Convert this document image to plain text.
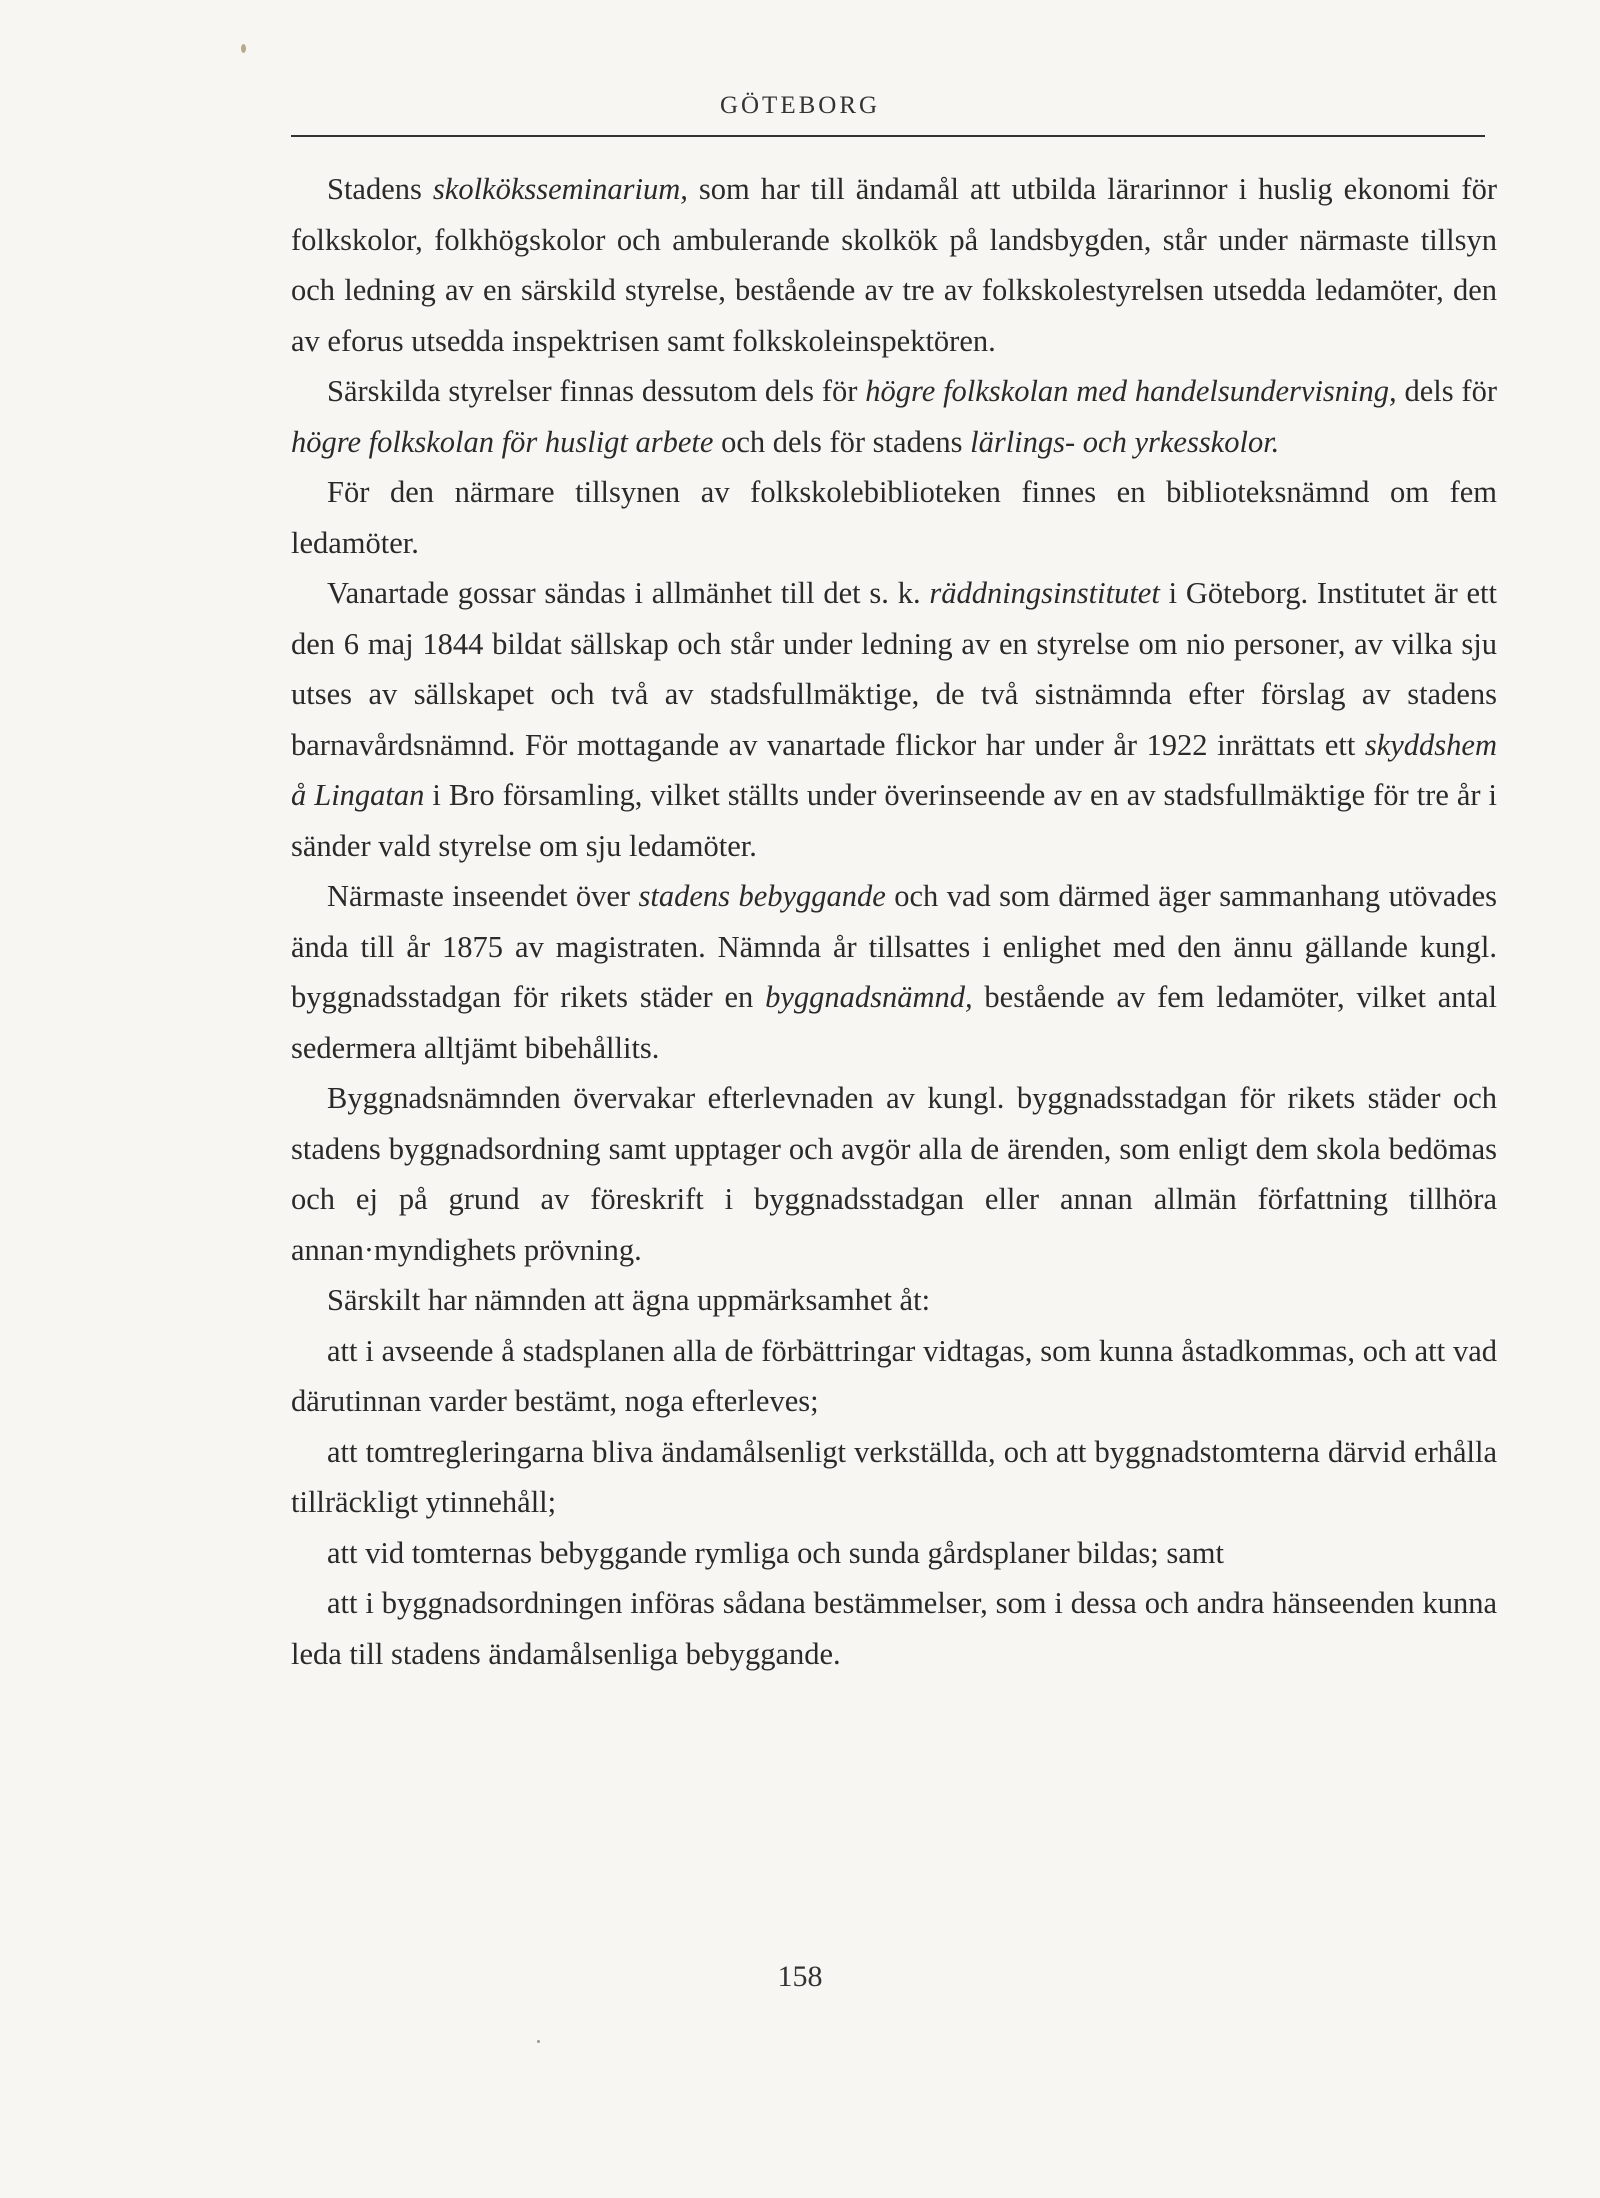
GÖTEBORG

Stadens skolköksseminarium, som har till ändamål att utbilda lärarinnor i huslig ekonomi för folkskolor, folkhögskolor och ambulerande skolkök på landsbygden, står under närmaste tillsyn och ledning av en särskild styrelse, bestående av tre av folkskolestyrelsen utsedda ledamöter, den av eforus utsedda inspektrisen samt folkskoleinspektören.

Särskilda styrelser finnas dessutom dels för högre folkskolan med handelsundervisning, dels för högre folkskolan för husligt arbete och dels för stadens lärlings- och yrkesskolor.

För den närmare tillsynen av folkskolebiblioteken finnes en biblioteksnämnd om fem ledamöter.

Vanartade gossar sändas i allmänhet till det s. k. räddningsinstitutet i Göteborg. Institutet är ett den 6 maj 1844 bildat sällskap och står under ledning av en styrelse om nio personer, av vilka sju utses av sällskapet och två av stadsfullmäktige, de två sistnämnda efter förslag av stadens barnavårdsnämnd. För mottagande av vanartade flickor har under år 1922 inrättats ett skyddshem å Lingatan i Bro församling, vilket ställts under överinseende av en av stadsfullmäktige för tre år i sänder vald styrelse om sju ledamöter.

Närmaste inseendet över stadens bebyggande och vad som därmed äger sammanhang utövades ända till år 1875 av magistraten. Nämnda år tillsattes i enlighet med den ännu gällande kungl. byggnadsstadgan för rikets städer en byggnadsnämnd, bestående av fem ledamöter, vilket antal sedermera alltjämt bibehållits.

Byggnadsnämnden övervakar efterlevnaden av kungl. byggnadsstadgan för rikets städer och stadens byggnadsordning samt upptager och avgör alla de ärenden, som enligt dem skola bedömas och ej på grund av föreskrift i byggnadsstadgan eller annan allmän författning tillhöra annan·myndighets prövning.

Särskilt har nämnden att ägna uppmärksamhet åt:

att i avseende å stadsplanen alla de förbättringar vidtagas, som kunna åstadkommas, och att vad därutinnan varder bestämt, noga efterleves;

att tomtregleringarna bliva ändamålsenligt verkställda, och att byggnadstomterna därvid erhålla tillräckligt ytinnehåll;

att vid tomternas bebyggande rymliga och sunda gårdsplaner bildas; samt

att i byggnadsordningen införas sådana bestämmelser, som i dessa och andra hänseenden kunna leda till stadens ändamålsenliga bebyggande.

158
